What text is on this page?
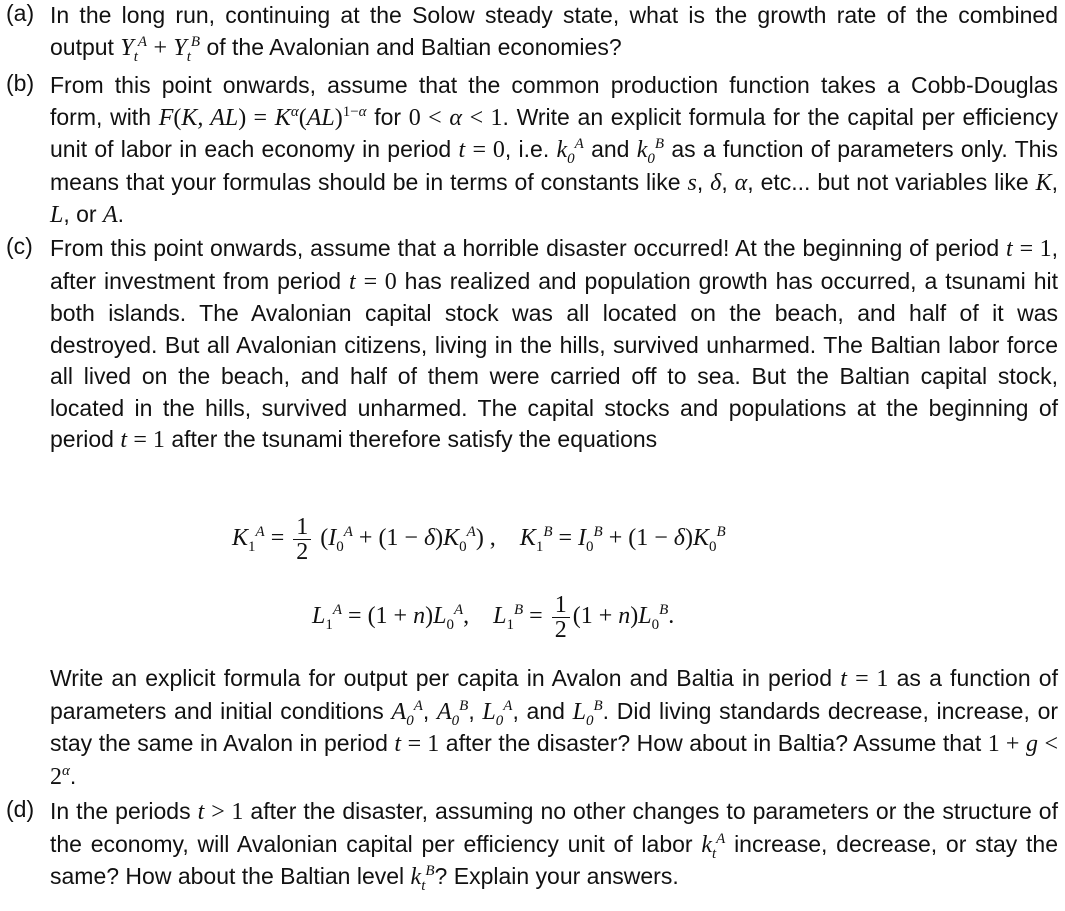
(a) In the long run, continuing at the Solow steady state, what is the growth rate of the combined output $Y_t^A + Y_t^B$ of the Avalonian and Baltian economies?
(b) From this point onwards, assume that the common production function takes a Cobb-Douglas form, with F(K, $AL) = K^\alpha(AL)^{1-\alpha}$ for 0 < α < 1. Write an explicit formula for the capital per efficiency unit of labor in each economy in period t = 0, i.e. $k_0^A$ and $k_0^B$ as a function of parameters only. This means that your formulas should be in terms of constants like s, δ, α, etc... but not variables like K, L, or A.
(c) From this point onwards, assume that a horrible disaster occurred! At the beginning of period t = 1, after investment from period t = 0 has realized and population growth has occurred, a tsunami hit both islands. The Avalonian capital stock was all located on the beach, and half of it was destroyed. But all Avalonian citizens, living in the hills, survived unharmed. The Baltian labor force all lived on the beach, and half of them were carried off to sea. But the Baltian capital stock, located in the hills, survived unharmed. The capital stocks and populations at the beginning of period t = 1 after the tsunami therefore satisfy the equations
$K_1^A = \frac{1}{2} (I_0^A + (1 - \delta)K_0^A)$ ,    $K_1^B = I_0^B + (1 - \delta)K_0^B$
$L_1^A = (1 + n)L_0^A$,    $L_1^B = \frac{1}{2} (1 + n)L_0^B$.
Write an explicit formula for output per capita in Avalon and Baltia in period t = 1 as a function of parameters and initial conditions $A_0^A$, $A_0^B$, $L_0^A$, and $L_0^B$. Did living standards decrease, increase, or stay the same in Avalon in period t = 1 after the disaster? How about in Baltia? Assume that $1 + g < 2^\alpha$.
(d) In the periods t > 1 after the disaster, assuming no other changes to parameters or the structure of the economy, will Avalonian capital per efficiency unit of labor $k_t^A$ increase, decrease, or stay the same? How about the Baltian level $k_t^B$? Explain your answers.
